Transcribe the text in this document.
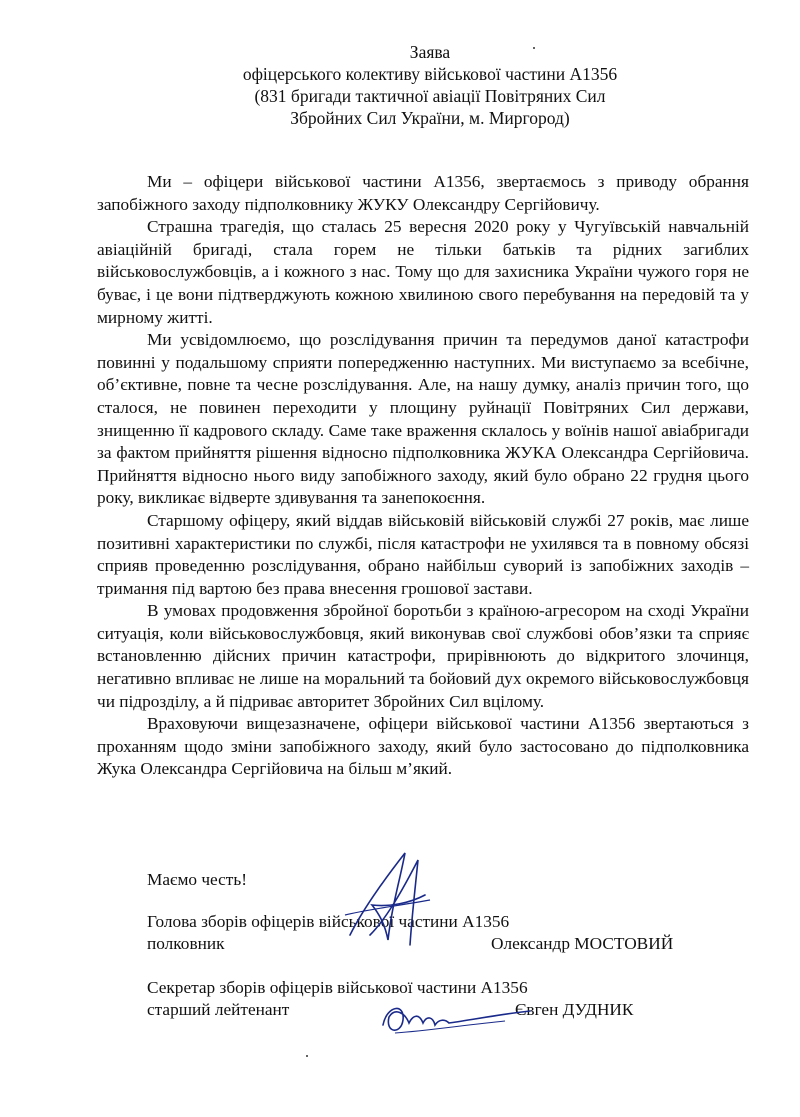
Заява
офіцерського колективу військової частини А1356
(831 бригади тактичної авіації Повітряних Сил
Збройних Сил України, м. Миргород)

Ми – офіцери військової частини А1356, звертаємось з приводу обрання запобіжного заходу підполковнику ЖУКУ Олександру Сергійовичу.

Страшна трагедія, що сталась 25 вересня 2020 року у Чугуївській навчальній авіаційній бригаді, стала горем не тільки батьків та рідних загиблих військовослужбовців, а і кожного з нас. Тому що для захисника України чужого горя не буває, і це вони підтверджують кожною хвилиною свого перебування на передовій та у мирному житті.

Ми усвідомлюємо, що розслідування причин та передумов даної катастрофи повинні у подальшому сприяти попередженню наступних. Ми виступаємо за всебічне, об’єктивне, повне та чесне розслідування. Але, на нашу думку, аналіз причин того, що сталося, не повинен переходити у площину руйнації Повітряних Сил держави, знищенню її кадрового складу. Саме таке враження склалось у воїнів нашої авіабригади за фактом прийняття рішення відносно підполковника ЖУКА Олександра Сергійовича. Прийняття відносно нього виду запобіжного заходу, який було обрано 22 грудня цього року, викликає відверте здивування та занепокоєння.

Старшому офіцеру, який віддав військовій військовій службі 27 років, має лише позитивні характеристики по службі, після катастрофи не ухилявся та в повному обсязі сприяв проведенню розслідування, обрано найбільш суворий із запобіжних заходів – тримання під вартою без права внесення грошової застави.

В умовах продовження збройної боротьби з країною-агресором на сході України ситуація, коли військовослужбовця, який виконував свої службові обов’язки та сприяє встановленню дійсних причин катастрофи, прирівнюють до відкритого злочинця, негативно впливає не лише на моральний та бойовий дух окремого військовослужбовця чи підрозділу, а й підриває авторитет Збройних Сил вцілому.

Враховуючи вищезазначене, офіцери військової частини А1356 звертаються з проханням щодо зміни запобіжного заходу, який було застосовано до підполковника Жука Олександра Сергійовича на більш м’який.

Маємо честь!
Голова зборів офіцерів військової частини А1356
полковник	Олександр МОСТОВИЙ
Секретар зборів офіцерів військової частини А1356
старший лейтенант	Євген ДУДНИК
